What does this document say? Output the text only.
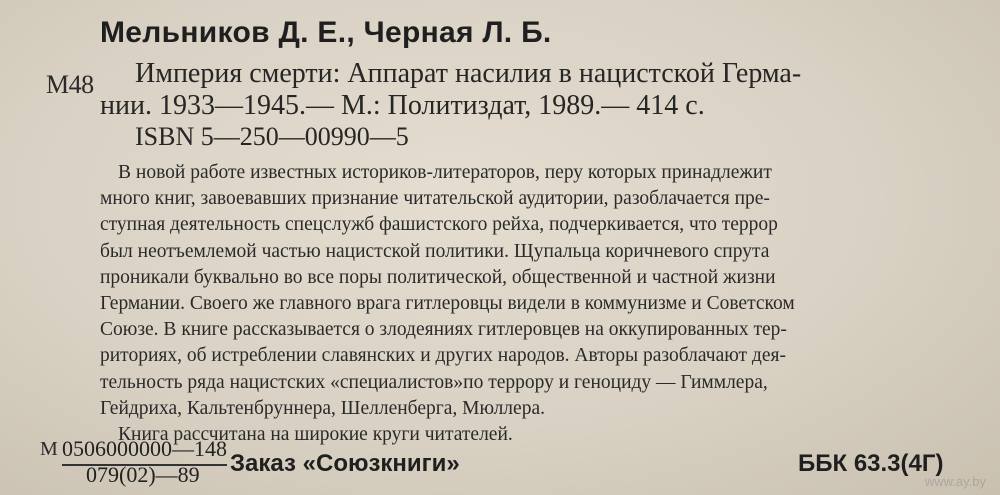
Мельников Д. Е., Черная Л. Б.
М48 Империя смерти: Аппарат насилия в нацистской Герма-
нии. 1933—1945.— М.: Политиздат, 1989.— 414 с.
ISBN 5—250—00990—5
В новой работе известных историков-литераторов, перу которых принадлежит
много книг, завоевавших признание читательской аудитории, разоблачается пре-
ступная деятельность спецслужб фашистского рейха, подчеркивается, что террор
был неотъемлемой частью нацистской политики. Щупальца коричневого спрута
проникали буквально во все поры политической, общественной и частной жизни
Германии. Своего же главного врага гитлеровцы видели в коммунизме и Советском
Союзе. В книге рассказывается о злодеяниях гитлеровцев на оккупированных тер-
риториях, об истреблении славянских и других народов. Авторы разоблачают дея-
тельность ряда нацистских «специалистов»по террору и геноциду — Гиммлера,
Гейдриха, Кальтенбруннера, Шелленберга, Мюллера.
Книга рассчитана на широкие круги читателей.
М 0506000000—148
079(02)—89 Заказ «Союзкниги»	ББК 63.3(4Г)
www.ay.by
